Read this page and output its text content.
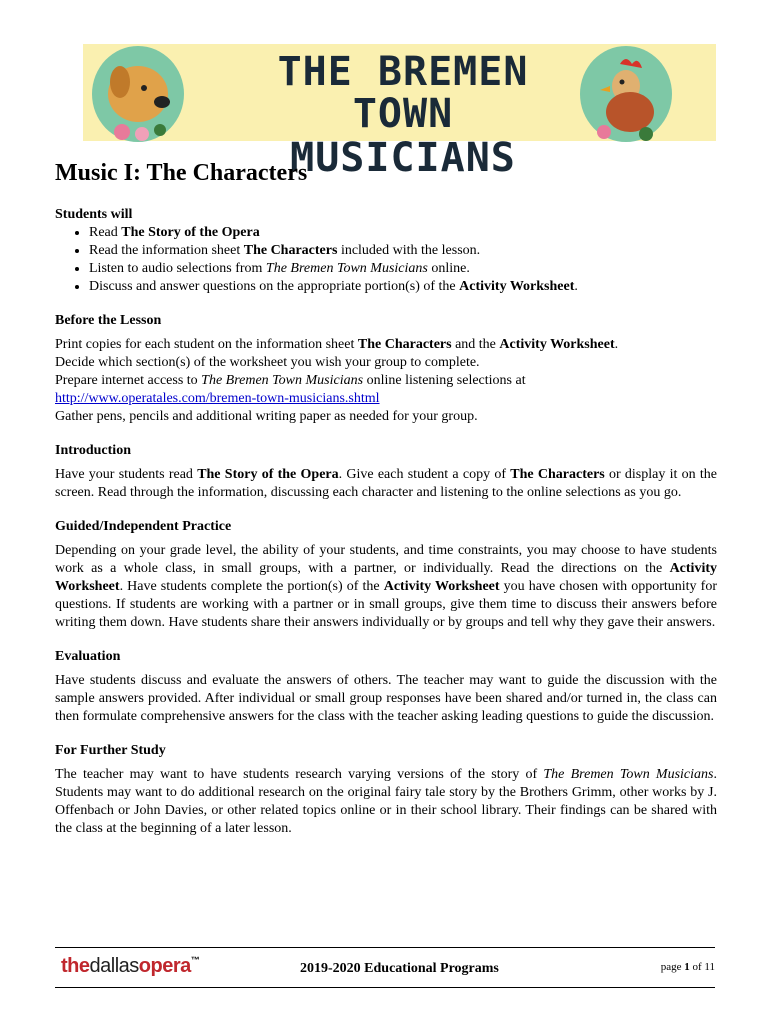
THE BREMEN
TOWN MUSICIANS
Music I: The Characters

Students will

• Read The Story of the Opera
• Read the information sheet The Characters included with the lesson.
• Listen to audio selections from The Bremen Town Musicians online.
• Discuss and answer questions on the appropriate portion(s) of the Activity Worksheet.

Before the Lesson

Print copies for each student on the information sheet The Characters and the Activity Worksheet.
Decide which section(s) of the worksheet you wish your group to complete.
Prepare internet access to The Bremen Town Musicians online listening selections at
http://www.operatales.com/bremen-town-musicians.shtml
Gather pens, pencils and additional writing paper as needed for your group.

Introduction

Have your students read The Story of the Opera. Give each student a copy of The Characters or display it on the screen. Read through the information, discussing each character and listening to the online selections as you go.

Guided/Independent Practice

Depending on your grade level, the ability of your students, and time constraints, you may choose to have students work as a whole class, in small groups, with a partner, or individually. Read the directions on the Activity Worksheet. Have students complete the portion(s) of the Activity Worksheet you have chosen with opportunity for questions. If students are working with a partner or in small groups, give them time to discuss their answers before writing them down. Have students share their answers individually or by groups and tell why they gave their answers.

Evaluation

Have students discuss and evaluate the answers of others. The teacher may want to guide the discussion with the sample answers provided. After individual or small group responses have been shared and/or turned in, the class can then formulate comprehensive answers for the class with the teacher asking leading questions to guide the discussion.

For Further Study

The teacher may want to have students research varying versions of the story of The Bremen Town Musicians. Students may want to do additional research on the original fairy tale story by the Brothers Grimm, other works by J. Offenbach or John Davies, or other related topics online or in their school library. Their findings can be shared with the class at the beginning of a later lesson.

thedallasopera™
2019-2020 Educational Programs	page 1 of 11
